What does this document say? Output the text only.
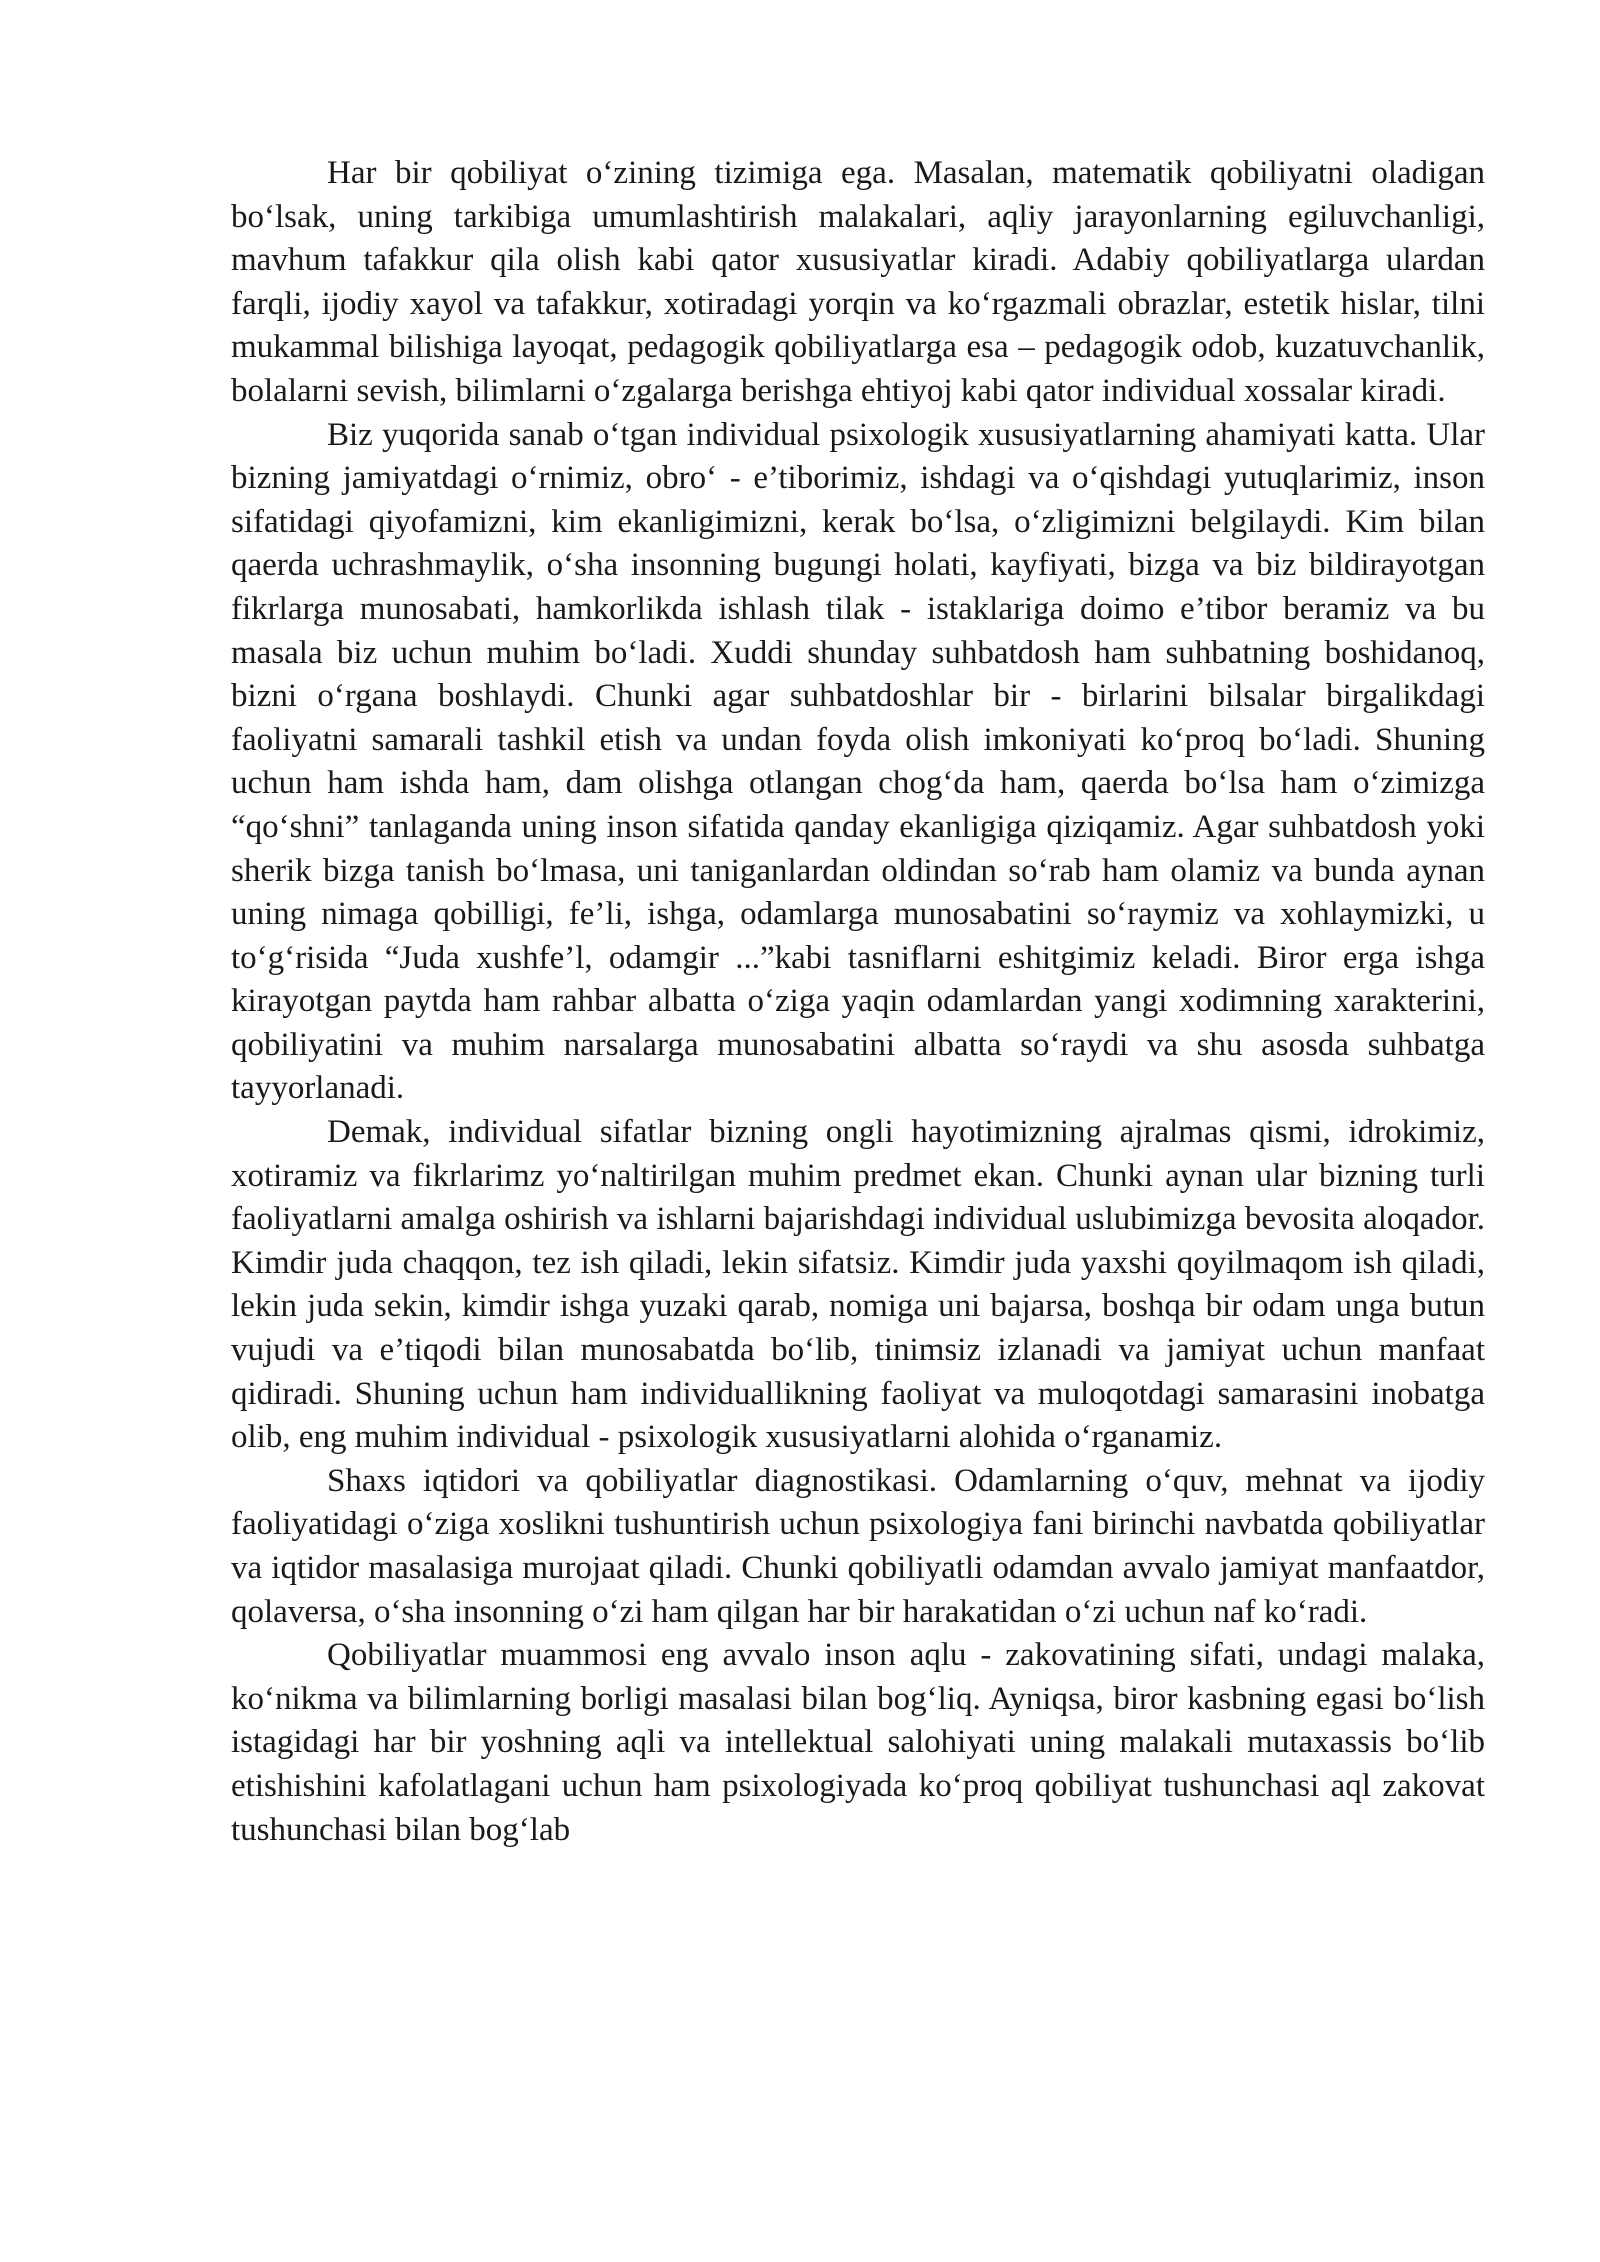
Har bir qobiliyat o‘zining tizimiga ega. Masalan, matematik qobiliyatni oladigan bo‘lsak, uning tarkibiga umumlashtirish malakalari, aqliy jarayonlarning egiluvchanligi, mavhum tafakkur qila olish kabi qator xususiyatlar kiradi. Adabiy qobiliyatlarga ulardan farqli, ijodiy xayol va tafakkur, xotiradagi yorqin va ko‘rgazmali obrazlar, estetik hislar, tilni mukammal bilishiga layoqat, pedagogik qobiliyatlarga esa – pedagogik odob, kuzatuvchanlik, bolalarni sevish, bilimlarni o‘zgalarga berishga ehtiyoj kabi qator individual xossalar kiradi.

Biz yuqorida sanab o‘tgan individual psixologik xususiyatlarning ahamiyati katta. Ular bizning jamiyatdagi o‘rnimiz, obro‘ - e’tiborimiz, ishdagi va o‘qishdagi yutuqlarimiz, inson sifatidagi qiyofamizni, kim ekanligimizni, kerak bo‘lsa, o‘zligimizni belgilaydi. Kim bilan qaerda uchrashmaylik, o‘sha insonning bugungi holati, kayfiyati, bizga va biz bildirayotgan fikrlarga munosabati, hamkorlikda ishlash tilak - istaklariga doimo e’tibor beramiz va bu masala biz uchun muhim bo‘ladi. Xuddi shunday suhbatdosh ham suhbatning boshidanoq, bizni o‘rgana boshlaydi. Chunki agar suhbatdoshlar bir - birlarini bilsalar birgalikdagi faoliyatni samarali tashkil etish va undan foyda olish imkoniyati ko‘proq bo‘ladi. Shuning uchun ham ishda ham, dam olishga otlangan chog‘da ham, qaerda bo‘lsa ham o‘zimizga “qo‘shni” tanlaganda uning inson sifatida qanday ekanligiga qiziqamiz. Agar suhbatdosh yoki sherik bizga tanish bo‘lmasa, uni taniganlardan oldindan so‘rab ham olamiz va bunda aynan uning nimaga qobilligi, fe’li, ishga, odamlarga munosabatini so‘raymiz va xohlaymizki, u to‘g‘risida “Juda xushfe’l, odamgir ...”kabi tasniflarni eshitgimiz keladi. Biror erga ishga kirayotgan paytda ham rahbar albatta o‘ziga yaqin odamlardan yangi xodimning xarakterini, qobiliyatini va muhim narsalarga munosabatini albatta so‘raydi va shu asosda suhbatga tayyorlanadi.

Demak, individual sifatlar bizning ongli hayotimizning ajralmas qismi, idrokimiz, xotiramiz va fikrlarimz yo‘naltirilgan muhim predmet ekan. Chunki aynan ular bizning turli faoliyatlarni amalga oshirish va ishlarni bajarishdagi individual uslubimizga bevosita aloqador. Kimdir juda chaqqon, tez ish qiladi, lekin sifatsiz. Kimdir juda yaxshi qoyilmaqom ish qiladi, lekin juda sekin, kimdir ishga yuzaki qarab, nomiga uni bajarsa, boshqa bir odam unga butun vujudi va e’tiqodi bilan munosabatda bo‘lib, tinimsiz izlanadi va jamiyat uchun manfaat qidiradi. Shuning uchun ham individuallikning faoliyat va muloqotdagi samarasini inobatga olib, eng muhim individual - psixologik xususiyatlarni alohida o‘rganamiz.

Shaxs iqtidori va qobiliyatlar diagnostikasi. Odamlarning o‘quv, mehnat va ijodiy faoliyatidagi o‘ziga xoslikni tushuntirish uchun psixologiya fani birinchi navbatda qobiliyatlar va iqtidor masalasiga murojaat qiladi. Chunki qobiliyatli odamdan avvalo jamiyat manfaatdor, qolaversa, o‘sha insonning o‘zi ham qilgan har bir harakatidan o‘zi uchun naf ko‘radi.

Qobiliyatlar muammosi eng avvalo inson aqlu - zakovatining sifati, undagi malaka, ko‘nikma va bilimlarning borligi masalasi bilan bog‘liq. Ayniqsa, biror kasbning egasi bo‘lish istagidagi har bir yoshning aqli va intellektual salohiyati uning malakali mutaxassis bo‘lib etishishini kafolatlagani uchun ham psixologiyada ko‘proq qobiliyat tushunchasi aql zakovat tushunchasi bilan bog‘lab
